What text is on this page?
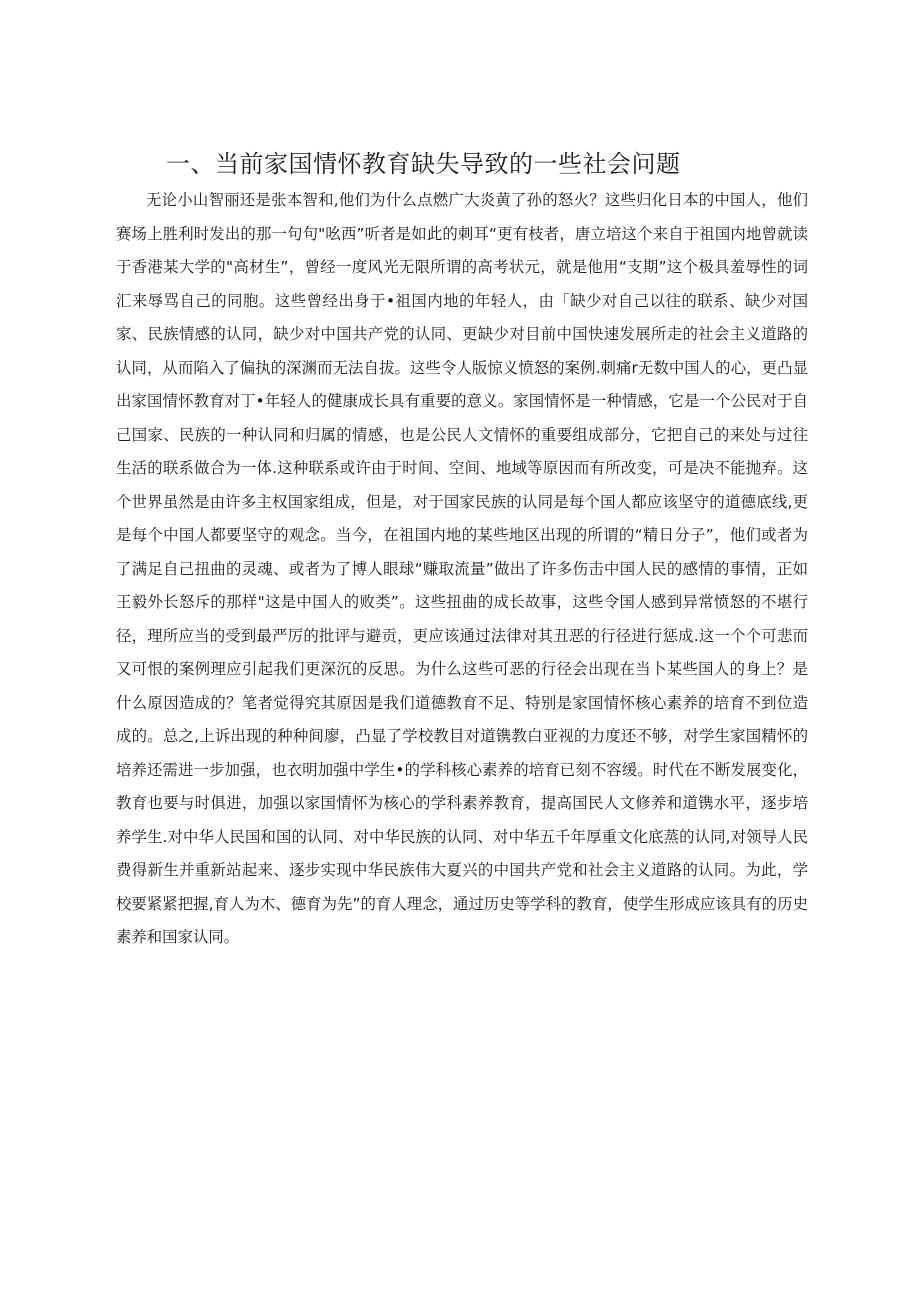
一、当前家国情怀教育缺失导致的一些社会问题

无论小山智丽还是张本智和,他们为什么点燃广大炎黄了孙的怒火？这些归化日本的中国人，他们赛场上胜利时发出的那一句句"吆西”听者是如此的刺耳“更有枝者，唐立培这个来自于祖国内地曾就读于香港某大学的"高材生”，曾经一度风光无限所谓的高考状元，就是他用“支期”这个极具羞辱性的词汇来辱骂自己的同胞。这些曾经出身于•祖国内地的年轻人，由「缺少对自己以往的联系、缺少对国家、民族情感的认同，缺少对中国共产党的认同、更缺少对目前中国快速发展所走的社会主义道路的认同，从而陷入了偏执的深渊而无法自拔。这些令人版惊义愤怒的案例.刺痛r无数中国人的心，更凸显出家国情怀教育对丁•年轻人的健康成长具有重要的意义。家国情怀是一种情感，它是一个公民对于自己国家、民族的一种认同和归属的情感，也是公民人文情怀的重要组成部分，它把自己的来处与过往生活的联系做合为一体.这种联系或许由于时间、空间、地域等原因而有所改变，可是决不能抛弃。这个世界虽然是由许多主权国家组成，但是，对于国家民族的认同是每个国人都应该坚守的道德底线,更是每个中国人都要坚守的观念。当今，在祖国内地的某些地区出现的所谓的“精日分子”，他们或者为了满足自己扭曲的灵魂、或者为了博人眼球“赚取流量”做出了许多伤击中国人民的感情的事情，正如王毅外长怒斥的那样"这是中国人的败类”。这些扭曲的成长故事，这些令国人感到异常愤怒的不堪行径，理所应当的受到最严厉的批评与避贡，更应该通过法律对其丑恶的行径进行惩成.这一个个可悲而又可恨的案例理应引起我们更深沉的反思。为什么这些可恶的行径会出现在当卜某些国人的身上？是什么原因造成的？笔者觉得究其原因是我们道德教育不足、特别是家国情怀核心素养的培育不到位造成的。总之,上诉出现的种种间廖，凸显了学校教目对道镌教白亚视的力度还不够，对学生家国精怀的培养还需进一步加强，也衣明加强中学生•的学科核心素养的培育已刻不容缓。时代在不断发展变化，教育也要与时俱进，加强以家国情怀为核心的学科素养教育，提高国民人文修养和道镌水平，逐步培养学生.对中华人民国和国的认同、对中华民族的认同、对中华五千年厚重文化底蒸的认同,对领导人民费得新生并重新站起来、逐步实现中华民族伟大夏兴的中国共产党和社会主义道路的认同。为此，学校要紧紧把握,育人为木、德育为先”的育人理念，通过历史等学科的教育，使学生形成应该具有的历史素养和国家认同。
